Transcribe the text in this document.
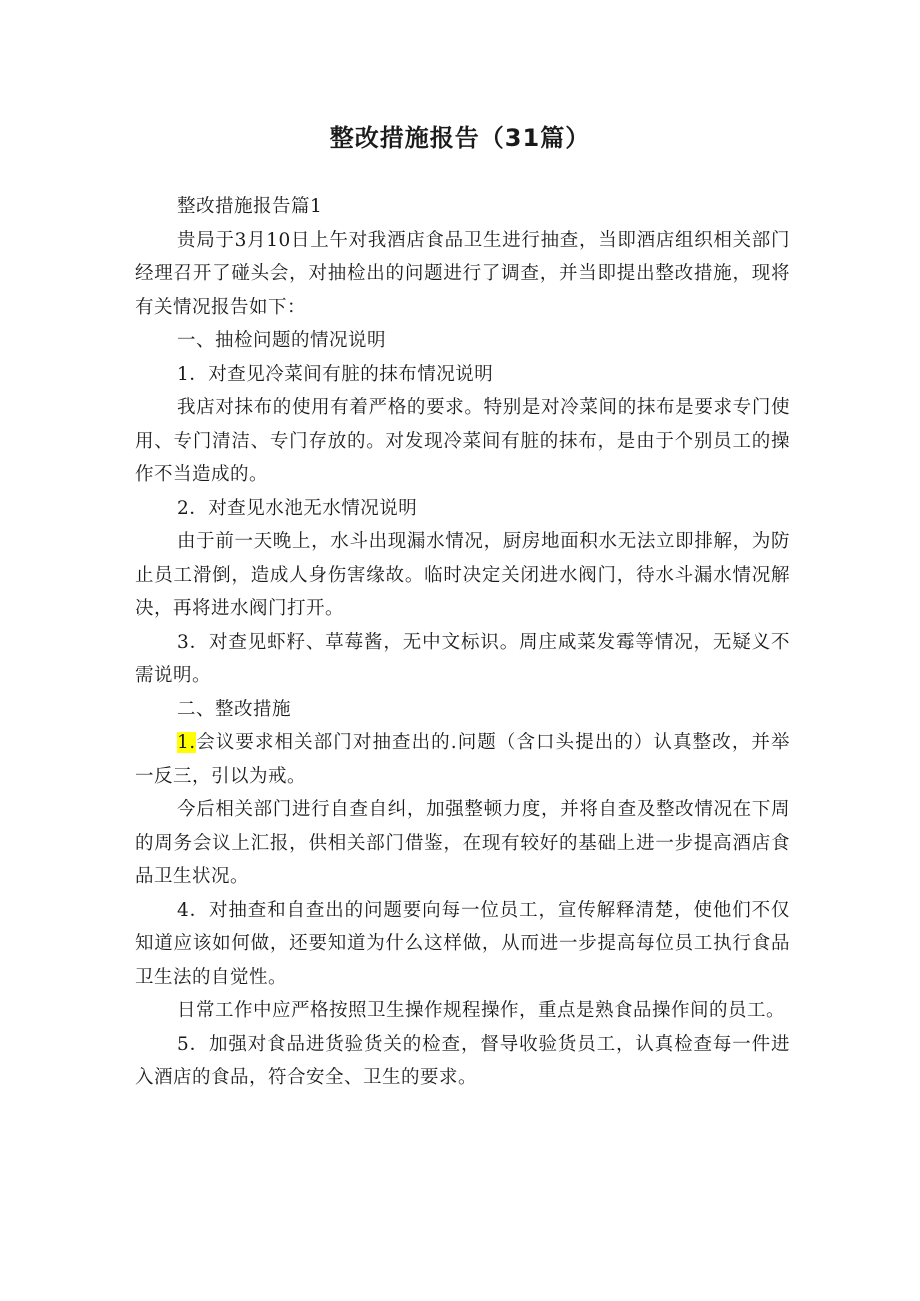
整改措施报告（31篇）

整改措施报告篇1

贵局于3月10日上午对我酒店食品卫生进行抽查，当即酒店组织相关部门经理召开了碰头会，对抽检出的问题进行了调查，并当即提出整改措施，现将有关情况报告如下：

一、抽检问题的情况说明

1．对查见冷菜间有脏的抹布情况说明

我店对抹布的使用有着严格的要求。特别是对冷菜间的抹布是要求专门使用、专门清洁、专门存放的。对发现冷菜间有脏的抹布，是由于个别员工的操作不当造成的。

2．对查见水池无水情况说明

由于前一天晚上，水斗出现漏水情况，厨房地面积水无法立即排解，为防止员工滑倒，造成人身伤害缘故。临时决定关闭进水阀门，待水斗漏水情况解决，再将进水阀门打开。

3．对查见虾籽、草莓酱，无中文标识。周庄咸菜发霉等情况，无疑义不需说明。

二、整改措施

1.会议要求相关部门对抽查出的.问题（含口头提出的）认真整改，并举一反三，引以为戒。

今后相关部门进行自查自纠，加强整顿力度，并将自查及整改情况在下周的周务会议上汇报，供相关部门借鉴，在现有较好的基础上进一步提高酒店食品卫生状况。

4．对抽查和自查出的问题要向每一位员工，宣传解释清楚，使他们不仅知道应该如何做，还要知道为什么这样做，从而进一步提高每位员工执行食品卫生法的自觉性。

日常工作中应严格按照卫生操作规程操作，重点是熟食品操作间的员工。

5．加强对食品进货验货关的检查，督导收验货员工，认真检查每一件进入酒店的食品，符合安全、卫生的要求。
